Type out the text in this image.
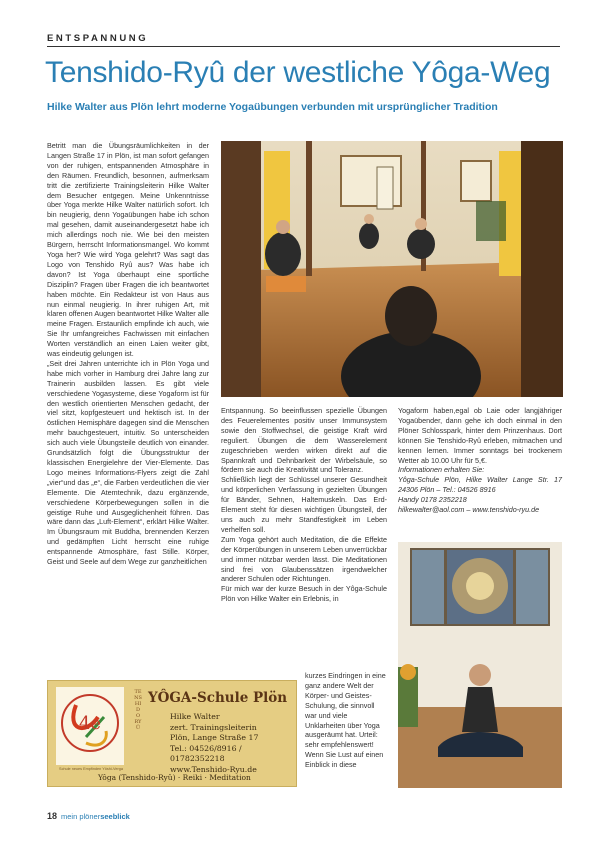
ENTSPANNUNG
Tenshido-Ryû der westliche Yôga-Weg
Hilke Walter aus Plön lehrt moderne Yogaübungen verbunden mit ursprünglicher Tradition

Betritt man die Übungsräumlichkeiten in der Langen Straße 17 in Plön, ist man sofort gefangen von der ruhigen, entspannenden Atmosphäre in den Räumen. Freundlich, besonnen, aufmerksam tritt die zertifizierte Trainingsleiterin Hilke Walter dem Besucher entgegen. Meine Unkenntnisse über Yoga merkte Hilke Walter natürlich sofort. Ich bin neugierig, denn Yogaübungen habe ich schon mal gesehen, damit auseinandergesetzt habe ich mich allerdings noch nie. Wie bei den meisten Bürgern, herrscht Informationsmangel. Wo kommt Yoga her? Wie wird Yoga gelehrt? Was sagt das Logo von Tenshido Ryû aus? Was habe ich davon? Ist Yoga überhaupt eine sportliche Disziplin? Fragen über Fragen die ich beantwortet haben möchte. Ein Redakteur ist von Haus aus nun einmal neugierig. In ihrer ruhigen Art, mit klaren offenen Augen beantwortet Hilke Walter alle meine Fragen. Erstaunlich empfinde ich auch, wie Sie Ihr umfangreiches Fachwissen mit einfachen Worten verständlich an einen Laien weiter gibt, was eindeutig gelungen ist.

„Seit drei Jahren unterrichte ich in Plön Yoga und habe mich vorher in Hamburg drei Jahre lang zur Trainerin ausbilden lassen. Es gibt viele verschiedene Yogasysteme, diese Yogaform ist für den westlich orientierten Menschen gedacht, der viel sitzt, kopfgesteuert und hektisch ist. In der östlichen Hemisphäre dagegen sind die Menschen mehr bauchgesteuert, intuitiv. So unterscheiden sich auch viele Übungsteile deutlich von einander. Grundsätzlich folgt die Übungsstruktur der klassischen Energielehre der Vier-Elemente. Das Logo meines Informations-Flyers zeigt die Zahl „vier“und das „e“, die Farben verdeutlichen die vier Elemente. Die Atemtechnik, dazu ergänzende, verschiedene Körperbewegungen sollen in die geistige Ruhe und Ausgeglichenheit führen. Das wäre dann das „Luft-Element“, erklärt Hilke Walter. Im Übungsraum mit Buddha, brennenden Kerzen und gedämpften Licht herrscht eine ruhige entspannende Atmosphäre, fast Stille. Körper, Geist und Seele auf dem Wege zur ganzheitlichen

Entspannung. So beeinflussen spezielle Übungen des Feuerelementes positiv unser Immunsystem sowie den Stoffwechsel, die geistige Kraft wird reguliert. Übungen die dem Wasserelement zugeschrieben werden wirken direkt auf die Spannkraft und Dehnbarkeit der Wirbelsäule, so fördern sie auch die Kreativität und Toleranz.

Schließlich liegt der Schlüssel unserer Gesundheit und körperlichen Verfassung in gezielten Übungen für Bänder, Sehnen, Haltemuskeln. Das Erd-Element steht für diesen wichtigen Übungsteil, der uns auch zu mehr Standfestigkeit im Leben verhelfen soll.

Zum Yoga gehört auch Meditation, die die Effekte der Körperübungen in unserem Leben unverrückbar und immer nützbar werden lässt. Die Meditationen sind frei von Glaubenssätzen irgendwelcher anderer Schulen oder Richtungen.

Für mich war der kurze Besuch in der Yôga-Schule Plön von Hilke Walter ein Erlebnis, in

kurzes Eindringen in eine ganz andere Welt der Körper- und Geistes-Schulung, die sinnvoll war und viele Unklarheiten über Yoga ausgeräumt hat. Urteil: sehr empfehlenswert!

Wenn Sie Lust auf einen Einblick in diese

Yogaform haben,egal ob Laie oder langjähriger Yogaübender, dann gehe ich doch einmal in den Plöner Schlosspark, hinter dem Prinzenhaus. Dort können Sie Tenshido-Ryû erleben, mitmachen und kennen lernen. Immer sonntags bei trockenem Wetter ab 10.00 Uhr für 5,€.

Informationen erhalten Sie:

Yôga-Schule Plön, Hilke Walter Lange Str. 17 24306 Plön – Tel.: 04526 8916

Handy 0178 2352218

hilkewalter@aol.com – www.tenshido-ryu.de

4e
Schule neues Empfinden Yôshi-Verga
TENSHIDO RYÛ
YÔGA-Schule Plön
Hilke Walter
zert. Trainingsleiterin
Plön, Lange Straße 17
Tel.: 04526/8916 / 01782352218
www.Tenshido-Ryu.de
Yôga (Tenshido-Ryû) · Reiki · Meditation
18 mein plönerseeblick
